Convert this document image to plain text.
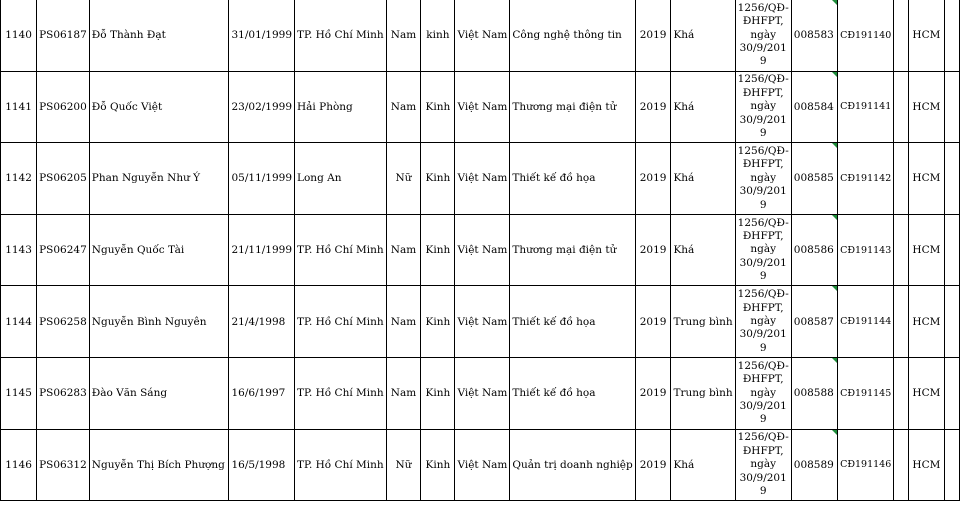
1140	PS06187	Đỗ Thành Đạt	31/01/1999	TP. Hồ Chí Minh	Nam	kinh	Việt Nam	Công nghệ thông tin	2019	Khá	1256/QĐ-
ĐHFPT,
ngày
30/9/201
9	008583	CĐ191140		HCM	
1141	PS06200	Đỗ Quốc Việt	23/02/1999	Hải Phòng	Nam	Kinh	Việt Nam	Thương mại điện tử	2019	Khá	1256/QĐ-
ĐHFPT,
ngày
30/9/201
9	008584	CĐ191141		HCM	
1142	PS06205	Phan Nguyễn Như Ý	05/11/1999	Long An	Nữ	Kinh	Việt Nam	Thiết kế đồ họa	2019	Khá	1256/QĐ-
ĐHFPT,
ngày
30/9/201
9	008585	CĐ191142		HCM	
1143	PS06247	Nguyễn Quốc Tài	21/11/1999	TP. Hồ Chí Minh	Nam	Kinh	Việt Nam	Thương mại điện tử	2019	Khá	1256/QĐ-
ĐHFPT,
ngày
30/9/201
9	008586	CĐ191143		HCM	
1144	PS06258	Nguyễn Bình Nguyên	21/4/1998	TP. Hồ Chí Minh	Nam	Kinh	Việt Nam	Thiết kế đồ họa	2019	Trung bình	1256/QĐ-
ĐHFPT,
ngày
30/9/201
9	008587	CĐ191144		HCM	
1145	PS06283	Đào Văn Sáng	16/6/1997	TP. Hồ Chí Minh	Nam	Kinh	Việt Nam	Thiết kế đồ họa	2019	Trung bình	1256/QĐ-
ĐHFPT,
ngày
30/9/201
9	008588	CĐ191145		HCM	
1146	PS06312	Nguyễn Thị Bích Phượng	16/5/1998	TP. Hồ Chí Minh	Nữ	Kinh	Việt Nam	Quản trị doanh nghiệp	2019	Khá	1256/QĐ-
ĐHFPT,
ngày
30/9/201
9	008589	CĐ191146		HCM	
